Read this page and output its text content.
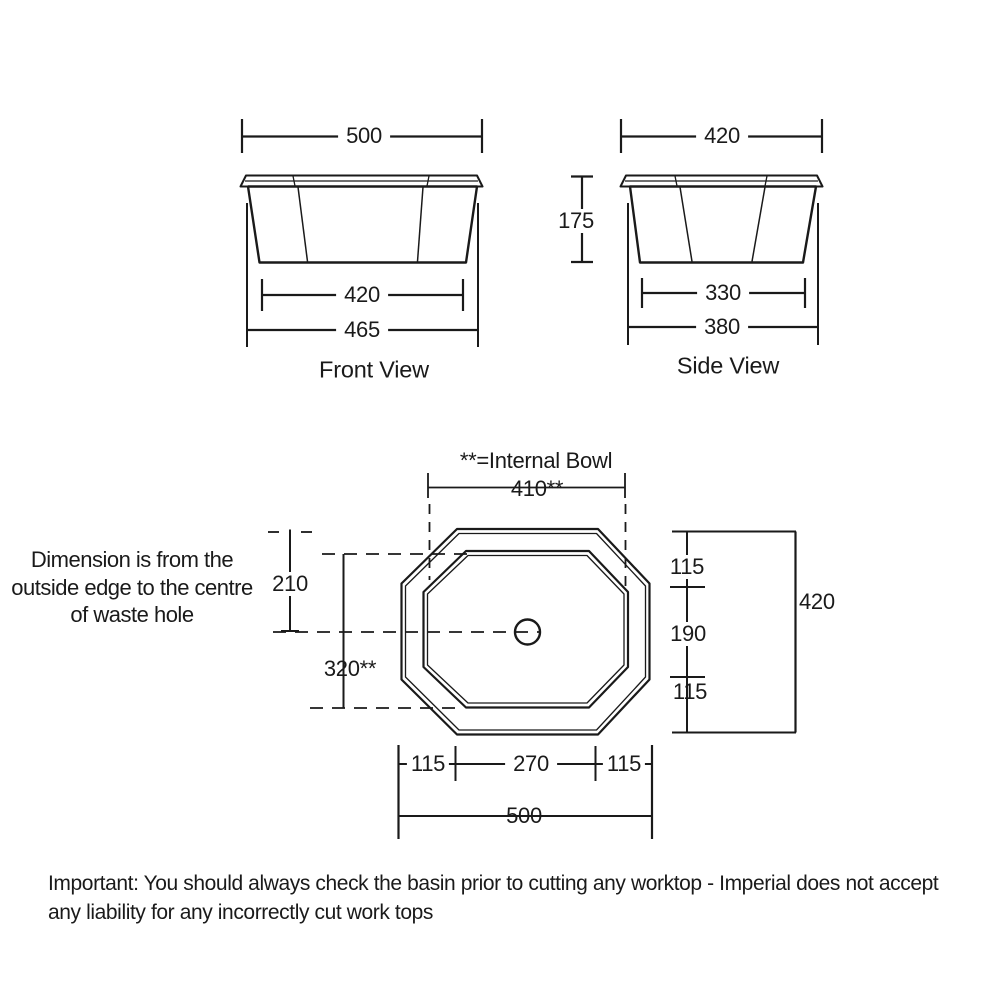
500
420
465
Front View
420
175
330
380
Side View
**=Internal Bowl
410**
210
320**
115
190
115
420
115	270	115
500
Dimension is from the
outside edge to the centre
of waste hole
Important: You should always check the basin prior to cutting any worktop - Imperial does not accept
any liability for any incorrectly cut work tops
